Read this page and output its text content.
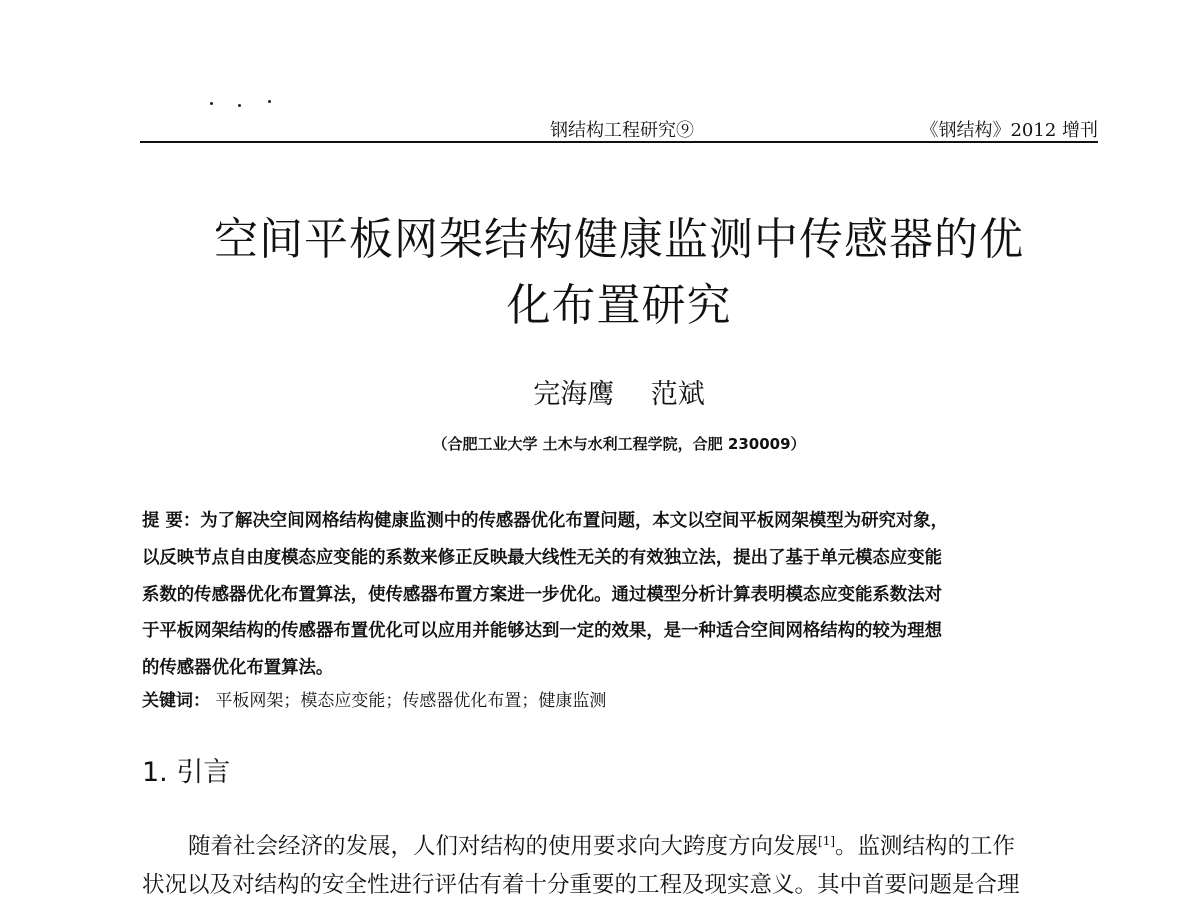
钢结构工程研究⑨	《钢结构》2012 增刊
空间平板网架结构健康监测中传感器的优
化布置研究
完海鹰 范斌
（合肥工业大学 土木与水利工程学院，合肥 230009）
提 要：为了解决空间网格结构健康监测中的传感器优化布置问题，本文以空间平板网架模型为研究对象，
以反映节点自由度模态应变能的系数来修正反映最大线性无关的有效独立法，提出了基于单元模态应变能
系数的传感器优化布置算法，使传感器布置方案进一步优化。通过模型分析计算表明模态应变能系数法对
于平板网架结构的传感器布置优化可以应用并能够达到一定的效果，是一种适合空间网格结构的较为理想
的传感器优化布置算法。
关键词： 平板网架；模态应变能；传感器优化布置；健康监测
1. 引言
随着社会经济的发展，人们对结构的使用要求向大跨度方向发展[1]。监测结构的工作
状况以及对结构的安全性进行评估有着十分重要的工程及现实意义。其中首要问题是合理
